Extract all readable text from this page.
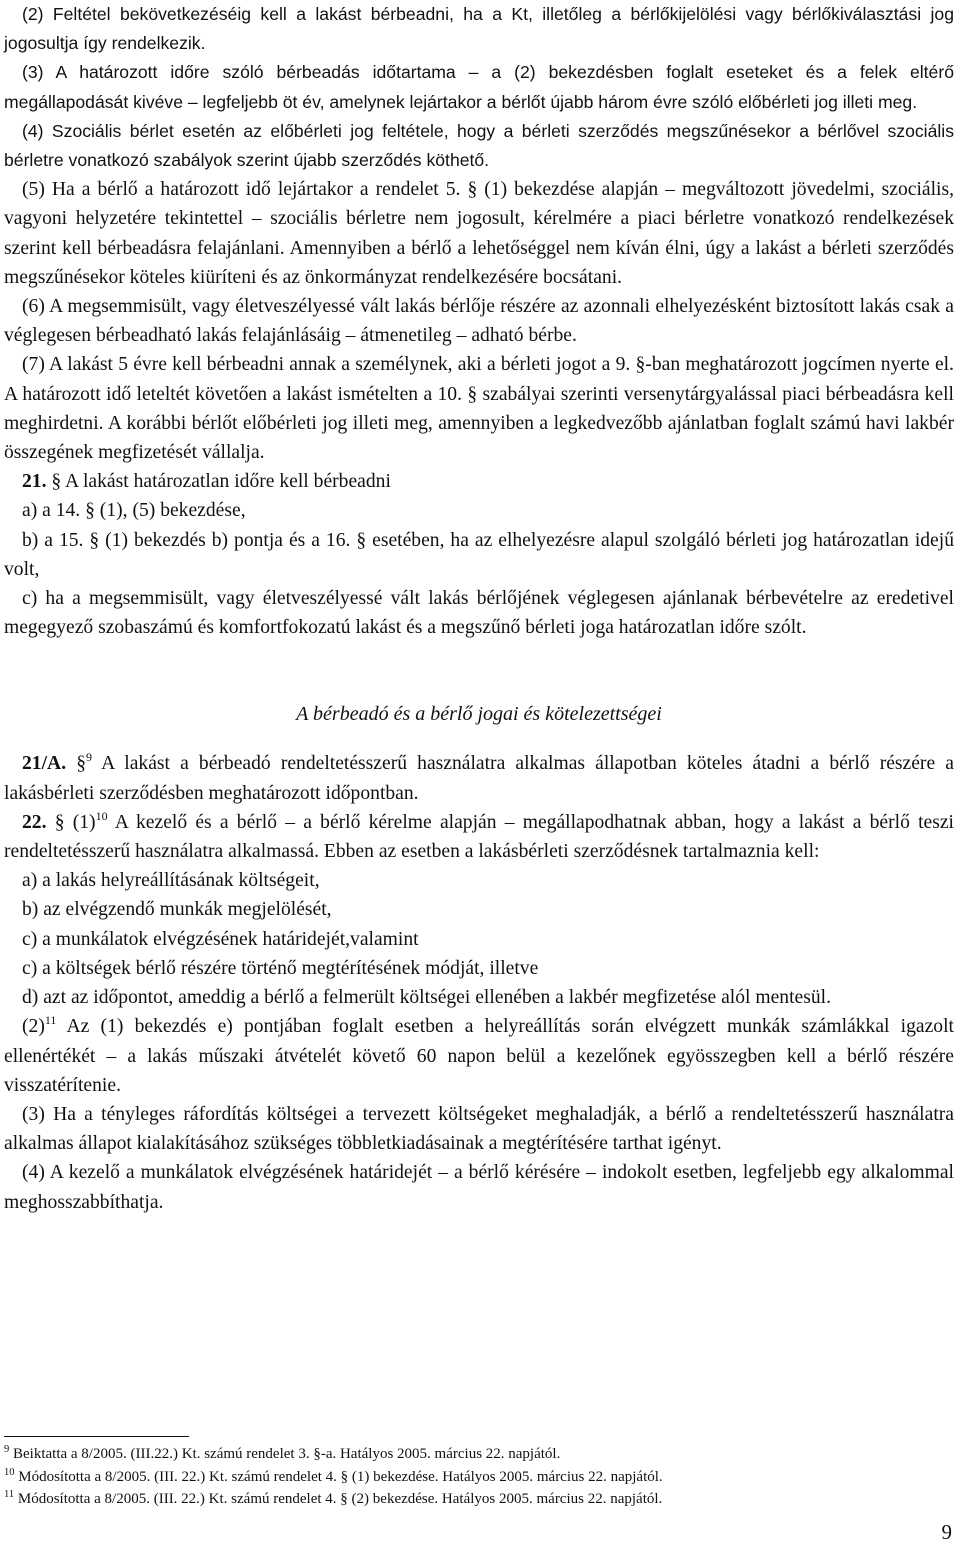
(2) Feltétel bekövetkezéséig kell a lakást bérbeadni, ha a Kt, illetőleg a bérlőkijelölési vagy bérlőkiválasztási jog jogosultja így rendelkezik.

(3) A határozott időre szóló bérbeadás időtartama – a (2) bekezdésben foglalt eseteket és a felek eltérő megállapodását kivéve – legfeljebb öt év, amelynek lejártakor a bérlőt újabb három évre szóló előbérleti jog illeti meg.

(4) Szociális bérlet esetén az előbérleti jog feltétele, hogy a bérleti szerződés megszűnésekor a bérlővel szociális bérletre vonatkozó szabályok szerint újabb szerződés köthető.

(5) Ha a bérlő a határozott idő lejártakor a rendelet 5. § (1) bekezdése alapján – megváltozott jövedelmi, szociális, vagyoni helyzetére tekintettel – szociális bérletre nem jogosult, kérelmére a piaci bérletre vonatkozó rendelkezések szerint kell bérbeadásra felajánlani. Amennyiben a bérlő a lehetőséggel nem kíván élni, úgy a lakást a bérleti szerződés megszűnésekor köteles kiüríteni és az önkormányzat rendelkezésére bocsátani.

(6) A megsemmisült, vagy életveszélyessé vált lakás bérlője részére az azonnali elhelyezésként biztosított lakás csak a véglegesen bérbeadható lakás felajánlásáig – átmenetileg – adható bérbe.

(7) A lakást 5 évre kell bérbeadni annak a személynek, aki a bérleti jogot a 9. §-ban meghatározott jogcímen nyerte el. A határozott idő leteltét követően a lakást ismételten a 10. § szabályai szerinti versenytárgyalással piaci bérbeadásra kell meghirdetni. A korábbi bérlőt előbérleti jog illeti meg, amennyiben a legkedvezőbb ajánlatban foglalt számú havi lakbér összegének megfizetését vállalja.

21. § A lakást határozatlan időre kell bérbeadni

a) a 14. § (1), (5) bekezdése,

b) a 15. § (1) bekezdés b) pontja és a 16. § esetében, ha az elhelyezésre alapul szolgáló bérleti jog határozatlan idejű volt,

c) ha a megsemmisült, vagy életveszélyessé vált lakás bérlőjének véglegesen ajánlanak bérbevételre az eredetivel megegyező szobaszámú és komfortfokozatú lakást és a megszűnő bérleti joga határozatlan időre szólt.

A bérbeadó és a bérlő jogai és kötelezettségei

21/A. §$^9$ A lakást a bérbeadó rendeltetésszerű használatra alkalmas állapotban köteles átadni a bérlő részére a lakásbérleti szerződésben meghatározott időpontban.

22. § $(1)^{10}$ A kezelő és a bérlő – a bérlő kérelme alapján – megállapodhatnak abban, hogy a lakást a bérlő teszi rendeltetésszerű használatra alkalmassá. Ebben az esetben a lakásbérleti szerződésnek tartalmaznia kell:

a) a lakás helyreállításának költségeit,

b) az elvégzendő munkák megjelölését,

c) a munkálatok elvégzésének határidejét,valamint

c) a költségek bérlő részére történő megtérítésének módját, illetve

d) azt az időpontot, ameddig a bérlő a felmerült költségei ellenében a lakbér megfizetése alól mentesül.

$(2)^{11}$ Az (1) bekezdés e) pontjában foglalt esetben a helyreállítás során elvégzett munkák számlákkal igazolt ellenértékét – a lakás műszaki átvételét követő 60 napon belül a kezelőnek egyösszegben kell a bérlő részére visszatérítenie.

(3) Ha a tényleges ráfordítás költségei a tervezett költségeket meghaladják, a bérlő a rendeltetésszerű használatra alkalmas állapot kialakításához szükséges többletkiadásainak a megtérítésére tarthat igényt.

(4) A kezelő a munkálatok elvégzésének határidejét – a bérlő kérésére – indokolt esetben, legfeljebb egy alkalommal meghosszabbíthatja.

$^9$ Beiktatta a 8/2005. (III.22.) Kt. számú rendelet 3. §-a. Hatályos 2005. március 22. napjától.

$^{10}$ Módosította a 8/2005. (III. 22.) Kt. számú rendelet 4. § (1) bekezdése. Hatályos 2005. március 22. napjától.

$^{11}$ Módosította a 8/2005. (III. 22.) Kt. számú rendelet 4. § (2) bekezdése. Hatályos 2005. március 22. napjától.

9
